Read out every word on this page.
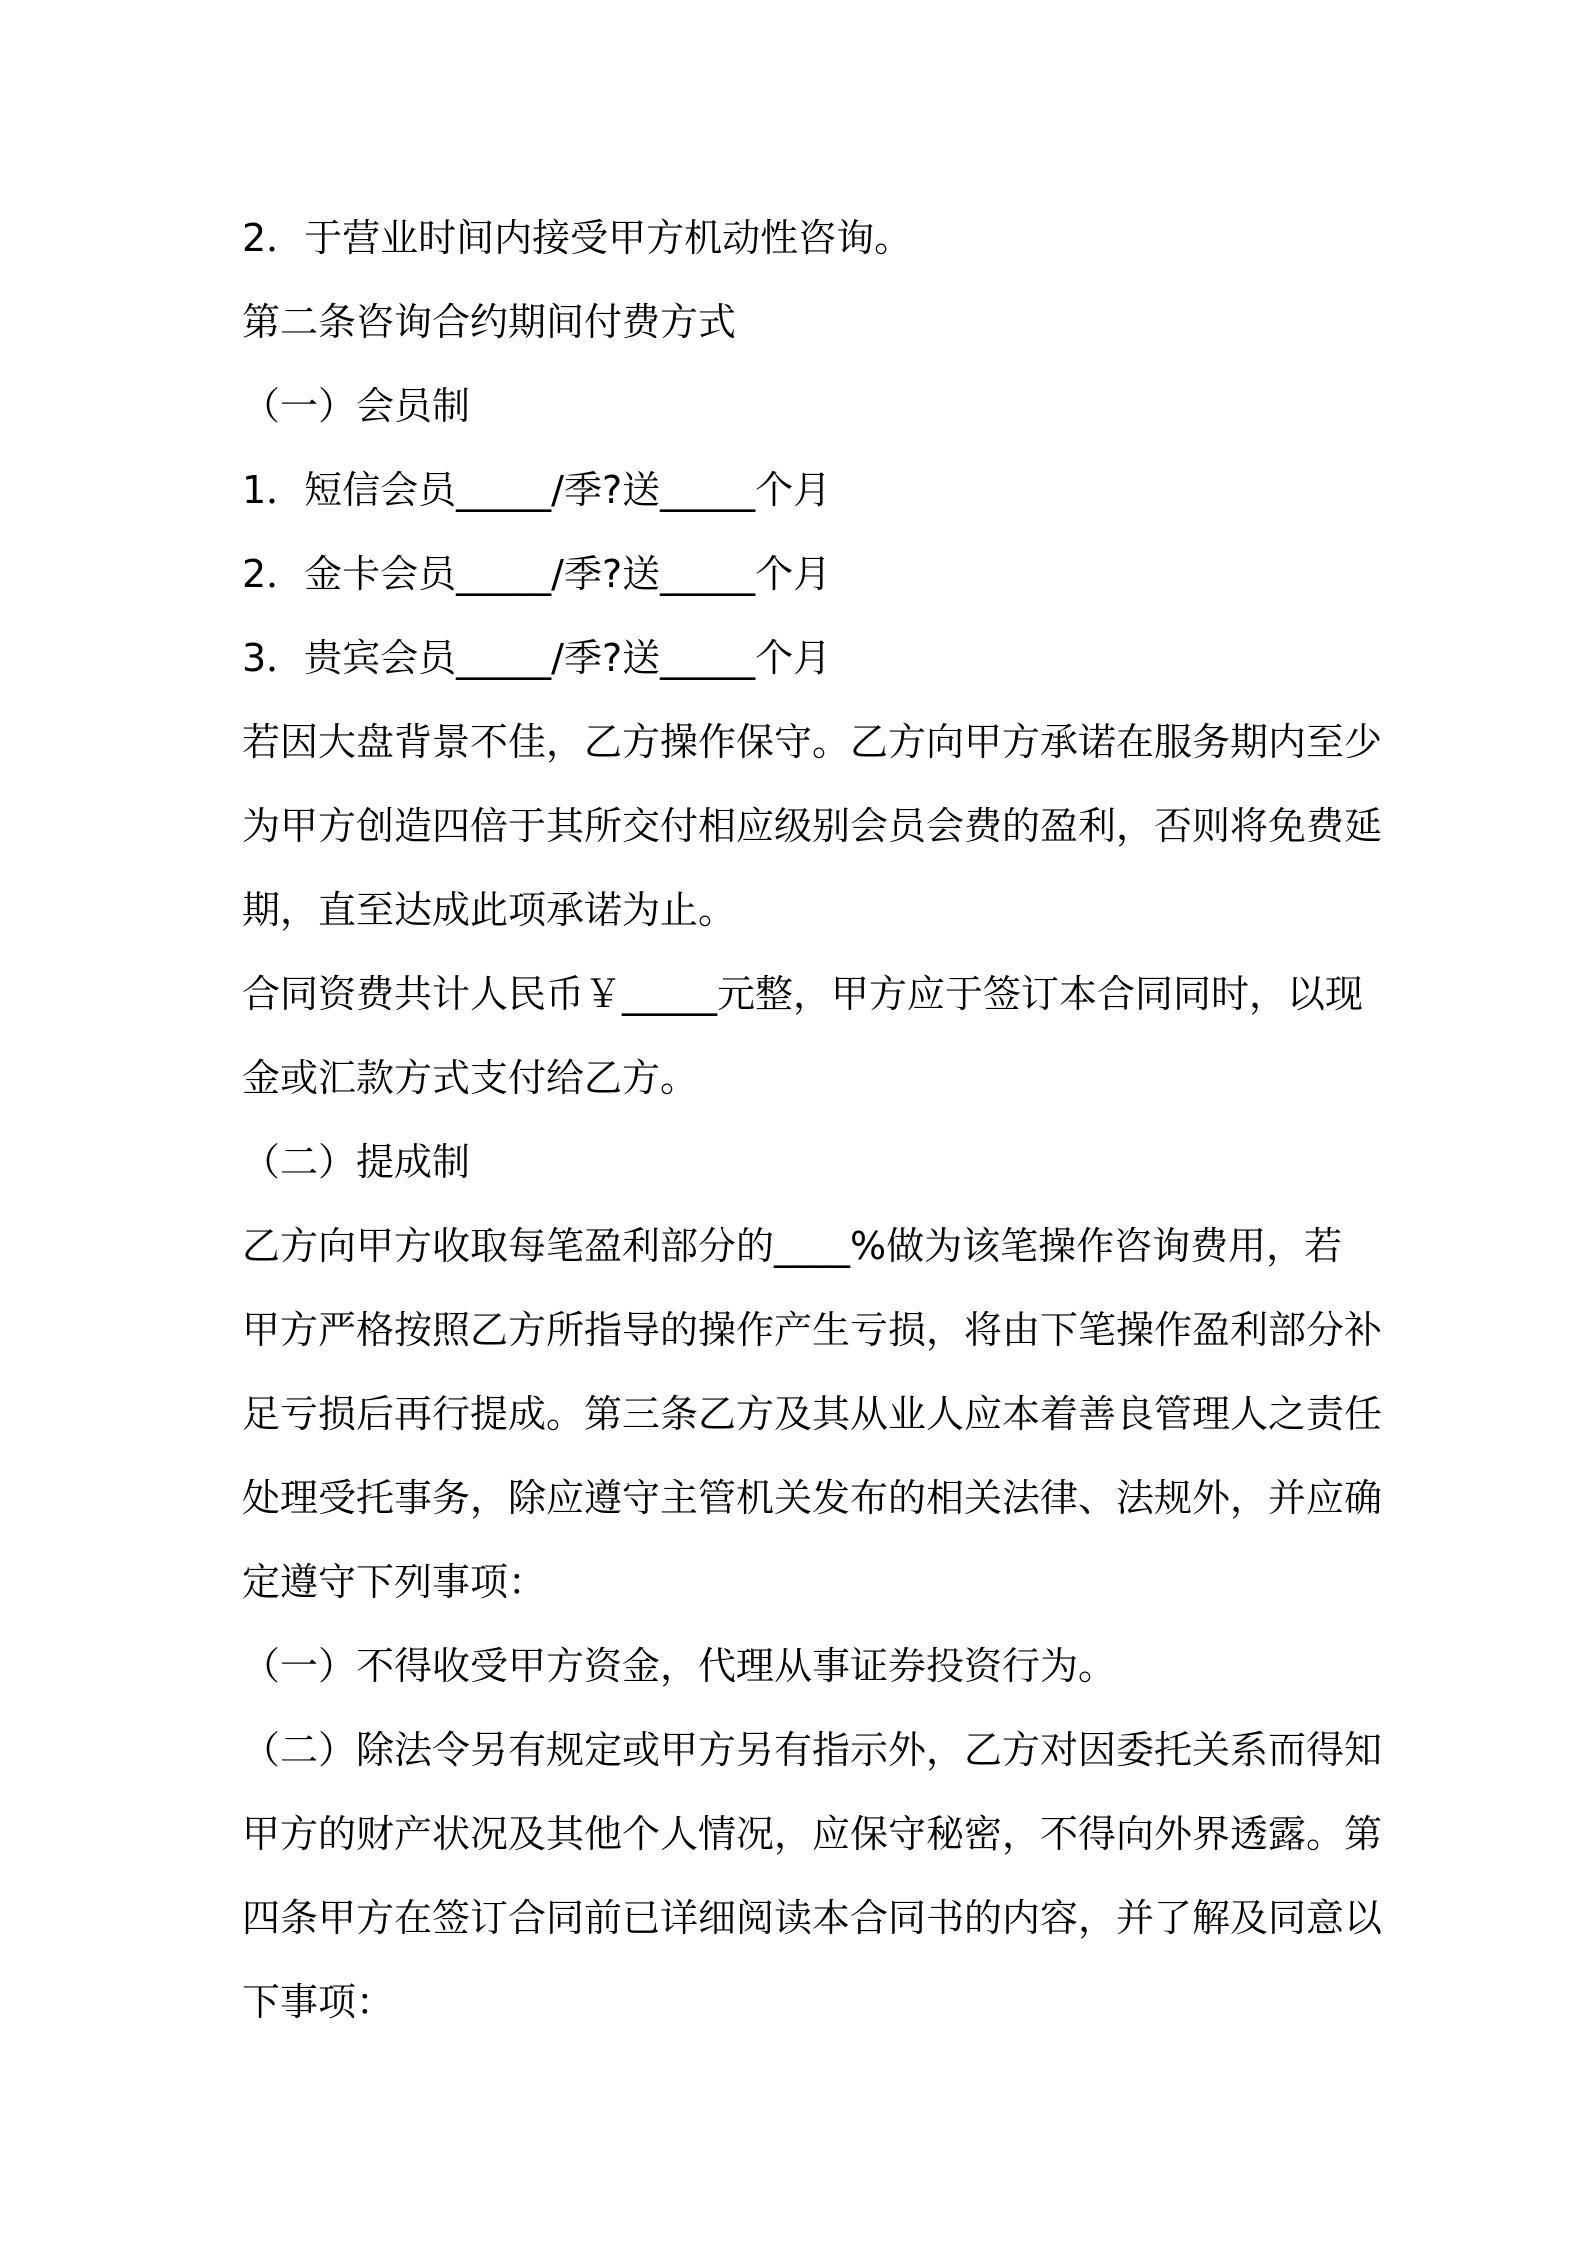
2．于营业时间内接受甲方机动性咨询。
第二条咨询合约期间付费方式
（一）会员制
1．短信会员_____/季?送_____个月
2．金卡会员_____/季?送_____个月
3．贵宾会员_____/季?送_____个月
若因大盘背景不佳，乙方操作保守。乙方向甲方承诺在服务期内至少
为甲方创造四倍于其所交付相应级别会员会费的盈利，否则将免费延
期，直至达成此项承诺为止。
合同资费共计人民币￥_____元整，甲方应于签订本合同同时，以现
金或汇款方式支付给乙方。
（二）提成制
乙方向甲方收取每笔盈利部分的____%做为该笔操作咨询费用，若
甲方严格按照乙方所指导的操作产生亏损，将由下笔操作盈利部分补
足亏损后再行提成。第三条乙方及其从业人应本着善良管理人之责任
处理受托事务，除应遵守主管机关发布的相关法律、法规外，并应确
定遵守下列事项：
（一）不得收受甲方资金，代理从事证券投资行为。
（二）除法令另有规定或甲方另有指示外，乙方对因委托关系而得知
甲方的财产状况及其他个人情况，应保守秘密，不得向外界透露。第
四条甲方在签订合同前已详细阅读本合同书的内容，并了解及同意以
下事项：
